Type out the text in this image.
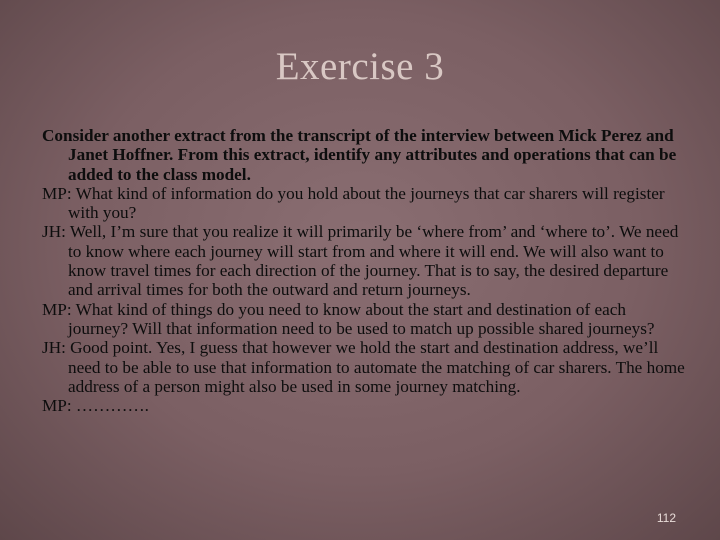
Exercise 3

Consider another extract from the transcript of the interview between Mick Perez and Janet Hoffner. From this extract, identify any attributes and operations that can be added to the class model.

MP: What kind of information do you hold about the journeys that car sharers will register with you?

JH: Well, I’m sure that you realize it will primarily be ‘where from’ and ‘where to’. We need to know where each journey will start from and where it will end. We will also want to know travel times for each direction of the journey. That is to say, the desired departure and arrival times for both the outward and return journeys.

MP: What kind of things do you need to know about the start and destination of each journey? Will that information need to be used to match up possible shared journeys?

JH: Good point. Yes, I guess that however we hold the start and destination address, we’ll need to be able to use that information to automate the matching of car sharers. The home address of a person might also be used in some journey matching.

MP: ………….

112
